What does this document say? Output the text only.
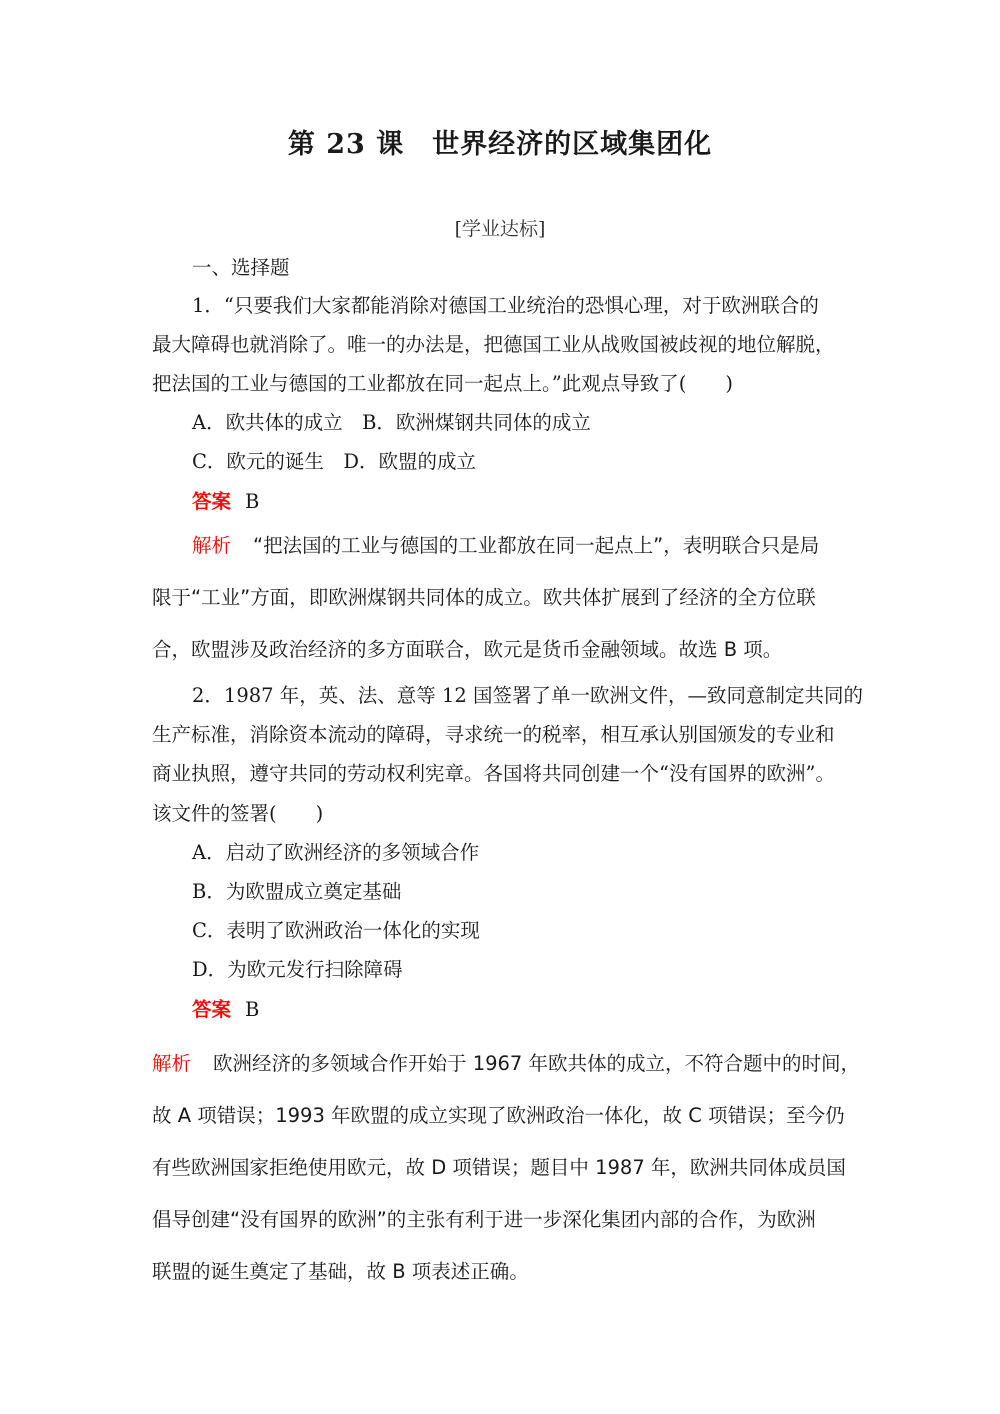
第 23 课　世界经济的区域集团化
[学业达标]
一、选择题
1．“只要我们大家都能消除对德国工业统治的恐惧心理，对于欧洲联合的
最大障碍也就消除了。唯一的办法是，把德国工业从战败国被歧视的地位解脱，
把法国的工业与德国的工业都放在同一起点上。”此观点导致了(　　)
A．欧共体的成立　B．欧洲煤钢共同体的成立
C．欧元的诞生　D．欧盟的成立
答案 B
解析 “把法国的工业与德国的工业都放在同一起点上”，表明联合只是局
限于“工业”方面，即欧洲煤钢共同体的成立。欧共体扩展到了经济的全方位联
合，欧盟涉及政治经济的多方面联合，欧元是货币金融领域。故选 B 项。
2．1987 年，英、法、意等 12 国签署了单一欧洲文件，—致同意制定共同的
生产标准，消除资本流动的障碍，寻求统一的税率，相互承认别国颁发的专业和
商业执照，遵守共同的劳动权利宪章。各国将共同创建一个“没有国界的欧洲”。
该文件的签署(　　)
A．启动了欧洲经济的多领域合作
B．为欧盟成立奠定基础
C．表明了欧洲政治一体化的实现
D．为欧元发行扫除障碍
答案 B
解析 欧洲经济的多领域合作开始于 1967 年欧共体的成立，不符合题中的时间，
故 A 项错误；1993 年欧盟的成立实现了欧洲政治一体化，故 C 项错误；至今仍
有些欧洲国家拒绝使用欧元，故 D 项错误；题目中 1987 年，欧洲共同体成员国
倡导创建“没有国界的欧洲”的主张有利于进一步深化集团内部的合作，为欧洲
联盟的诞生奠定了基础，故 B 项表述正确。
